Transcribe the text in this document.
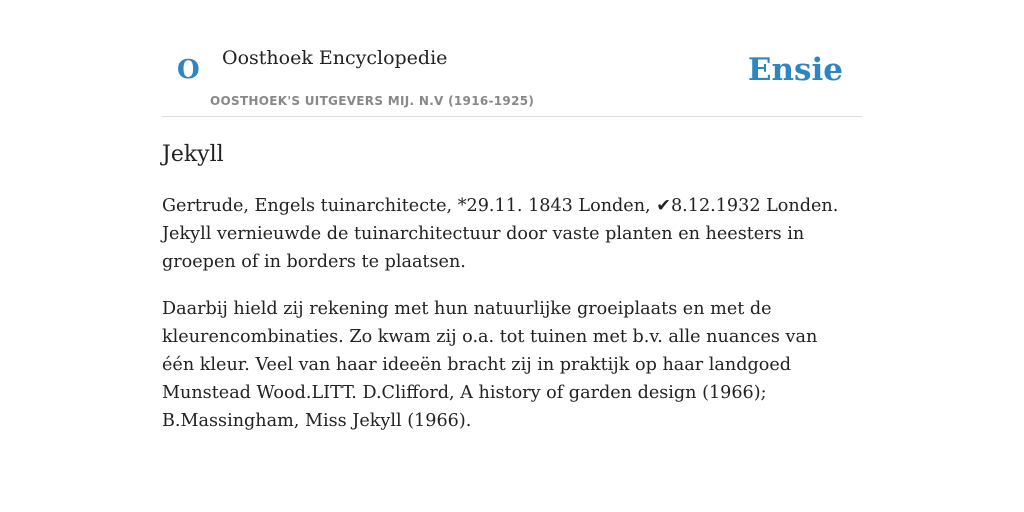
O Oosthoek Encyclopedie
OOSTHOEK'S UITGEVERS MIJ. N.V (1916-1925)
Ensie
Jekyll

Gertrude, Engels tuinarchitecte, *29.11. 1843 Londen, ✔8.12.1932 Londen. Jekyll vernieuwde de tuinarchitectuur door vaste planten en heesters in groepen of in borders te plaatsen.

Daarbij hield zij rekening met hun natuurlijke groeiplaats en met de kleurencombinaties. Zo kwam zij o.a. tot tuinen met b.v. alle nuances van één kleur. Veel van haar ideeën bracht zij in praktijk op haar landgoed Munstead Wood.LITT. D.Clifford, A history of garden design (1966); B.Massingham, Miss Jekyll (1966).
